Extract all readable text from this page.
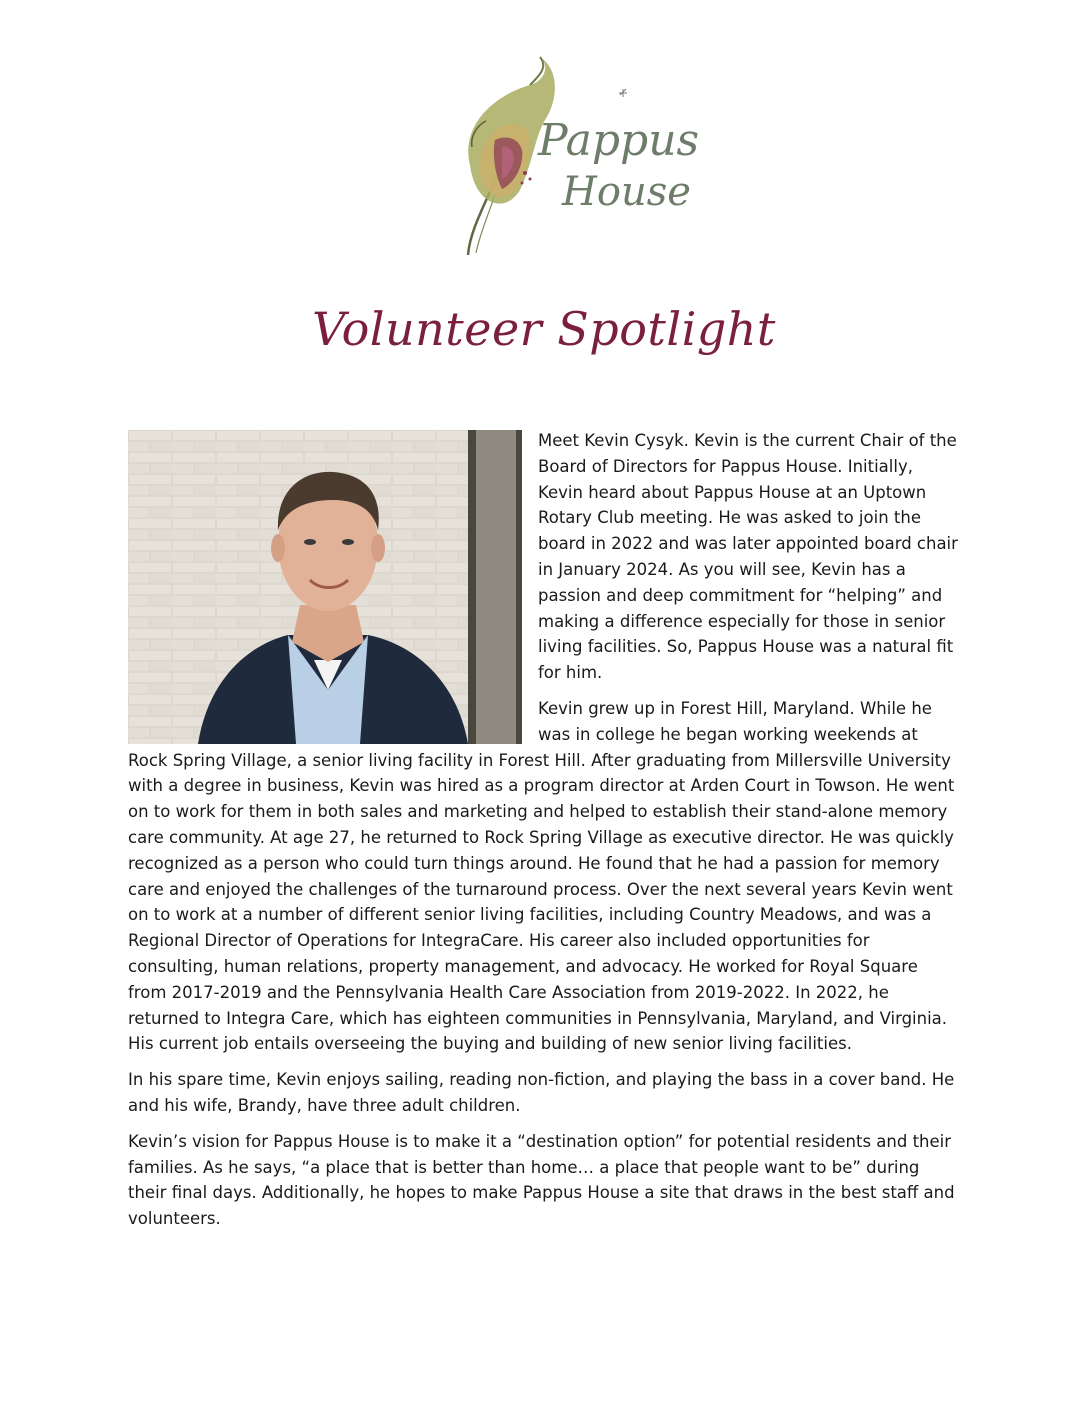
Pappus
House
Volunteer Spotlight

Meet Kevin Cysyk. Kevin is the current Chair of the Board of Directors for Pappus House. Initially, Kevin heard about Pappus House at an Uptown Rotary Club meeting. He was asked to join the board in 2022 and was later appointed board chair in January 2024. As you will see, Kevin has a passion and deep commitment for “helping” and making a difference especially for those in senior living facilities. So, Pappus House was a natural fit for him.

Kevin grew up in Forest Hill, Maryland. While he was in college he began working weekends at Rock Spring Village, a senior living facility in Forest Hill. After graduating from Millersville University with a degree in business, Kevin was hired as a program director at Arden Court in Towson. He went on to work for them in both sales and marketing and helped to establish their stand-alone memory care community. At age 27, he returned to Rock Spring Village as executive director. He was quickly recognized as a person who could turn things around. He found that he had a passion for memory care and enjoyed the challenges of the turnaround process. Over the next several years Kevin went on to work at a number of different senior living facilities, including Country Meadows, and was a Regional Director of Operations for IntegraCare. His career also included opportunities for consulting, human relations, property management, and advocacy. He worked for Royal Square from 2017-2019 and the Pennsylvania Health Care Association from 2019-2022. In 2022, he returned to Integra Care, which has eighteen communities in Pennsylvania, Maryland, and Virginia. His current job entails overseeing the buying and building of new senior living facilities.

In his spare time, Kevin enjoys sailing, reading non-fiction, and playing the bass in a cover band. He and his wife, Brandy, have three adult children.

Kevin’s vision for Pappus House is to make it a “destination option” for potential residents and their families. As he says, “a place that is better than home… a place that people want to be” during their final days. Additionally, he hopes to make Pappus House a site that draws in the best staff and volunteers.
